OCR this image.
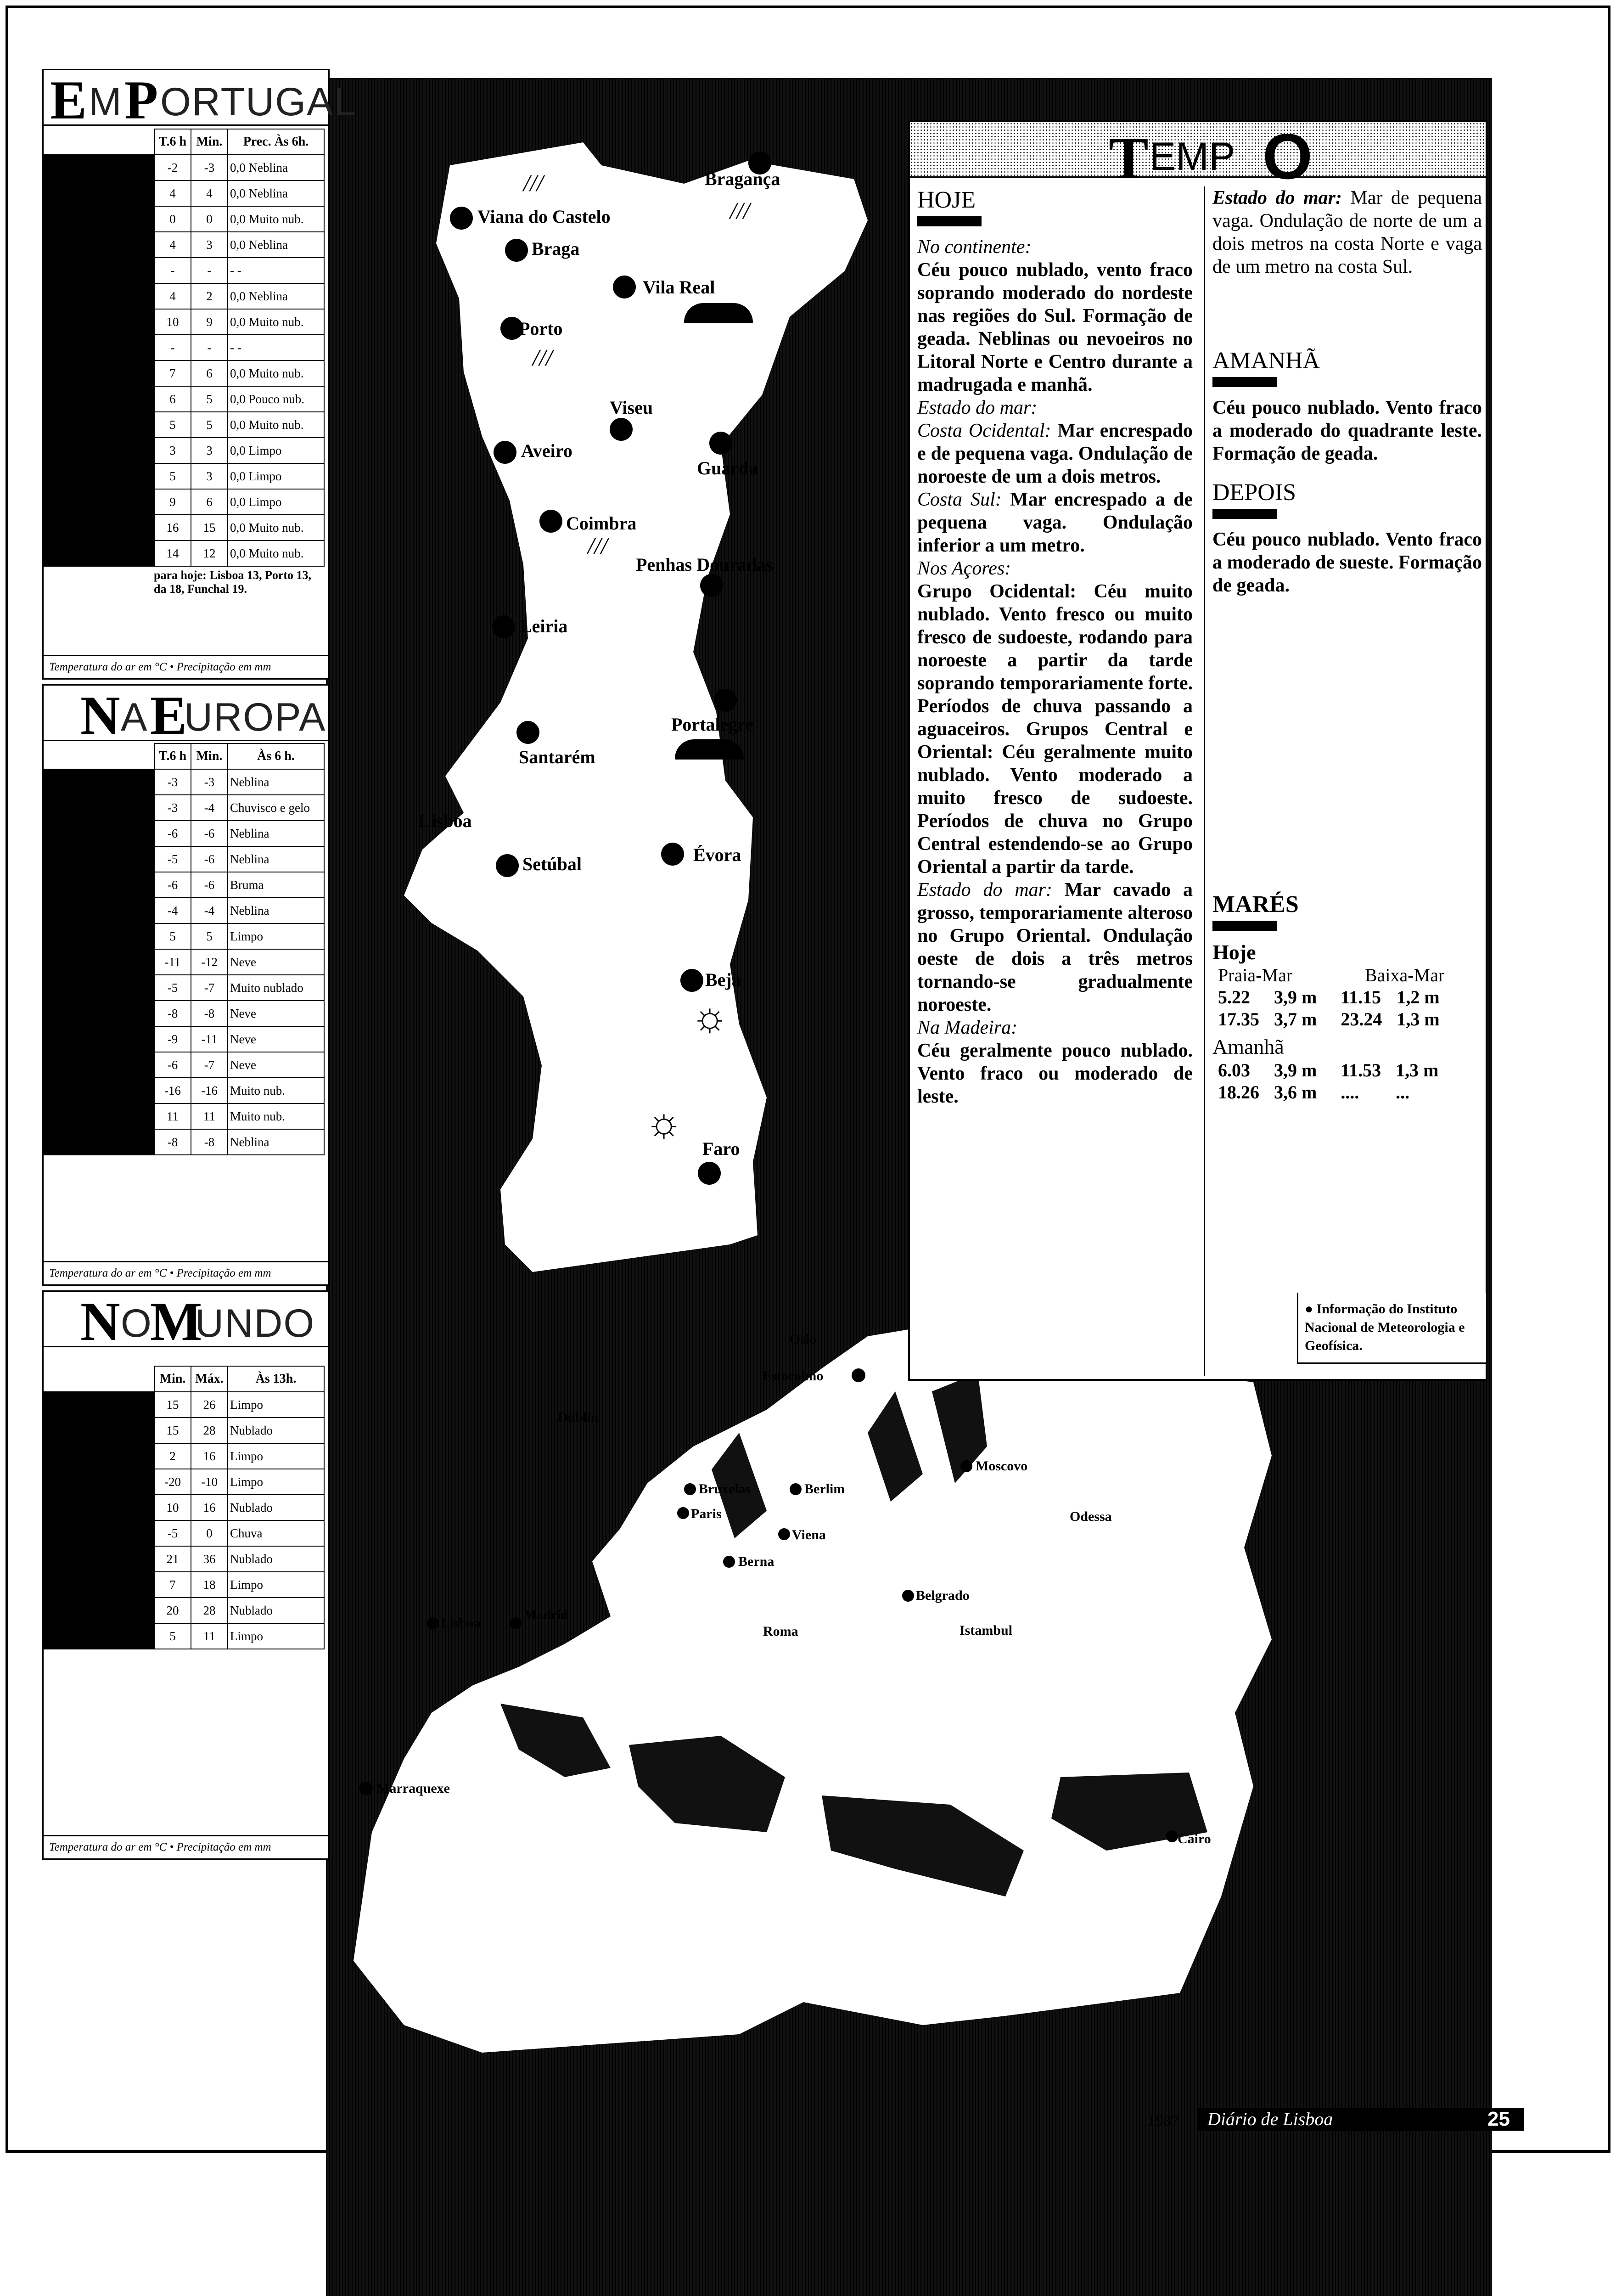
E M P ORTUGAL
	T.6 h	Min.	Prec. Às 6h.
	-2	-3	0,0 Neblina
	4	4	0,0 Neblina
	0	0	0,0 Muito nub.
	4	3	0,0 Neblina
	-	-	- -
	4	2	0,0 Neblina
	10	9	0,0 Muito nub.
	-	-	- -
	7	6	0,0 Muito nub.
	6	5	0,0 Pouco nub.
	5	5	0,0 Muito nub.
	3	3	0,0 Limpo
	5	3	0,0 Limpo
	9	6	0,0 Limpo
	16	15	0,0 Muito nub.
	14	12	0,0 Muito nub.
para hoje: Lisboa 13, Porto 13,
da 18, Funchal 19.
Temperatura do ar em °C • Precipitação em mm
N A E
UROPA
	T.6 h	Min.	Às 6 h.
	-3	-3	Neblina
	-3	-4	Chuvisco e gelo
	-6	-6	Neblina
	-5	-6	Neblina
	-6	-6	Bruma
	-4	-4	Neblina
	5	5	Limpo
	-11	-12	Neve
	-5	-7	Muito nublado
	-8	-8	Neve
	-9	-11	Neve
	-6	-7	Neve
	-16	-16	Muito nub.
	11	11	Muito nub.
	-8	-8	Neblina
Temperatura do ar em °C • Precipitação em mm
N O
M
UNDO
	Min.	Máx.	Às 13h.
	15	26	Limpo
	15	28	Nublado
	2	16	Limpo
	-20	-10	Limpo
	10	16	Nublado
	-5	0	Chuva
	21	36	Nublado
	7	18	Limpo
	20	28	Nublado
	5	11	Limpo
Temperatura do ar em °C • Precipitação em mm
☼
☼
///
///
///
///
Viana do Castelo
Bragança
Braga
Vila Real
Porto
Viseu
Guarda
Aveiro
Coimbra
Penhas Douradas
Leiria
Portalegre
Santarém
Lisboa
Setúbal	Évora
Beja
Faro
Oslo
Estocolmo
Dublin
Moscovo
Bruxelas	Berlim
Paris
Viena
Odessa
Berna
Belgrado
Lisboa
Madrid
Roma	Istambul
Marraquexe
Cairo
T EMP O
HOJE

No continente:
Céu pouco nublado, vento fraco soprando moderado do nordeste nas regiões do Sul. Formação de geada. Neblinas ou nevoeiros no Litoral Norte e Centro durante a madrugada e manhã.
Estado do mar:
Costa Ocidental: Mar encrespado e de pequena vaga. Ondulação de noroeste de um a dois metros.
Costa Sul: Mar encrespado a de pequena vaga. Ondulação inferior a um metro.
Nos Açores:
Grupo Ocidental: Céu muito nublado. Vento fresco ou muito fresco de sudoeste, rodando para noroeste a partir da tarde soprando temporariamente forte. Períodos de chuva passando a aguaceiros. Grupos Central e Oriental: Céu geralmente muito nublado. Vento moderado a muito fresco de sudoeste. Períodos de chuva no Grupo Central estendendo-se ao Grupo Oriental a partir da tarde.
Estado do mar: Mar cavado a grosso, temporariamente alteroso no Grupo Oriental. Ondulação oeste de dois a três metros tornando-se gradualmente noroeste.
Na Madeira:
Céu geralmente pouco nublado. Vento fraco ou moderado de leste.

Estado do mar: Mar de pequena vaga. Ondulação de norte de um a dois metros na costa Norte e vaga de um metro na costa Sul.

AMANHÃ

Céu pouco nublado. Vento fraco a moderado do quadrante leste. Formação de geada.

DEPOIS

Céu pouco nublado. Vento fraco a moderado de sueste. Formação de geada.

MARÉS
Hoje
Praia-Mar	Baixa-Mar
5.22	3,9 m	11.15	1,2 m
17.35	3,7 m	23.24	1,3 m
Amanhã
6.03	3,9 m	11.53	1,3 m
18.26	3,6 m	....	...
● Informação do Instituto Nacional de Meteorologia e Geofísica.
1987	Diário de Lisboa	25
